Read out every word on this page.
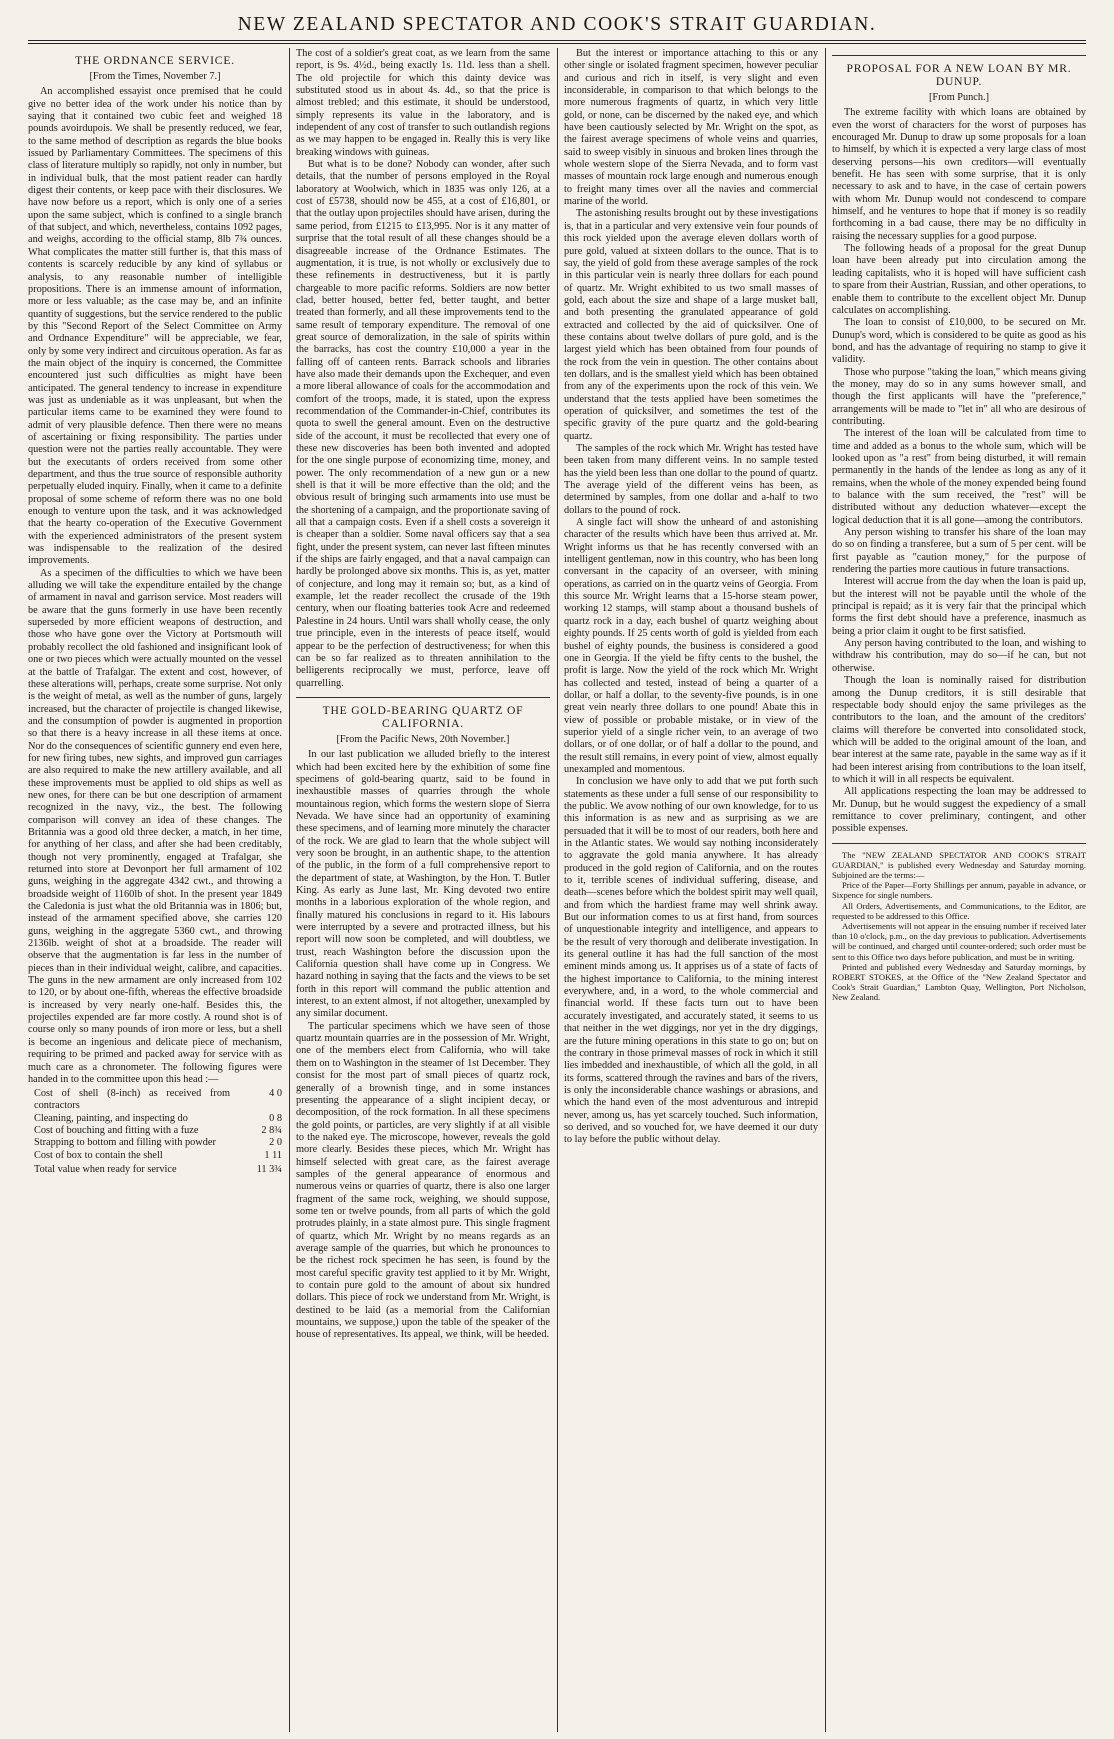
NEW ZEALAND SPECTATOR AND COOK'S STRAIT GUARDIAN.
THE ORDNANCE SERVICE.
[From the Times, November 7.]

An accomplished essayist once premised that he could give no better idea of the work under his notice than by saying that it contained two cubic feet and weighed 18 pounds avoirdupois. We shall be presently reduced, we fear, to the same method of description as regards the blue books issued by Parliamentary Committees. The specimens of this class of literature multiply so rapidly, not only in number, but in individual bulk, that the most patient reader can hardly digest their contents, or keep pace with their disclosures. We have now before us a report, which is only one of a series upon the same subject, which is confined to a single branch of that subject, and which, nevertheless, contains 1092 pages, and weighs, according to the official stamp, 8lb 7¾ ounces. What complicates the matter still further is, that this mass of contents is scarcely reducible by any kind of syllabus or analysis, to any reasonable number of intelligible propositions. There is an immense amount of information, more or less valuable; as the case may be, and an infinite quantity of suggestions, but the service rendered to the public by this "Second Report of the Select Committee on Army and Ordnance Expenditure" will be appreciable, we fear, only by some very indirect and circuitous operation. As far as the main object of the inquiry is concerned, the Committee encountered just such difficulties as might have been anticipated. The general tendency to increase in expenditure was just as undeniable as it was unpleasant, but when the particular items came to be examined they were found to admit of very plausible defence. Then there were no means of ascertaining or fixing responsibility. The parties under question were not the parties really accountable. They were but the executants of orders received from some other department, and thus the true source of responsible authority perpetually eluded inquiry. Finally, when it came to a definite proposal of some scheme of reform there was no one bold enough to venture upon the task, and it was acknowledged that the hearty co-operation of the Executive Government with the experienced administrators of the present system was indispensable to the realization of the desired improvements.

As a specimen of the difficulties to which we have been alluding we will take the expenditure entailed by the change of armament in naval and garrison service. Most readers will be aware that the guns formerly in use have been recently superseded by more efficient weapons of destruction, and those who have gone over the Victory at Portsmouth will probably recollect the old fashioned and insignificant look of one or two pieces which were actually mounted on the vessel at the battle of Trafalgar. The extent and cost, however, of these alterations will, perhaps, create some surprise. Not only is the weight of metal, as well as the number of guns, largely increased, but the character of projectile is changed likewise, and the consumption of powder is augmented in proportion so that there is a heavy increase in all these items at once. Nor do the consequences of scientific gunnery end even here, for new firing tubes, new sights, and improved gun carriages are also required to make the new artillery available, and all these improvements must be applied to old ships as well as new ones, for there can be but one description of armament recognized in the navy, viz., the best. The following comparison will convey an idea of these changes. The Britannia was a good old three decker, a match, in her time, for anything of her class, and after she had been creditably, though not very prominently, engaged at Trafalgar, she returned into store at Devonport her full armament of 102 guns, weighing in the aggregate 4342 cwt., and throwing a broadside weight of 1160lb of shot. In the present year 1849 the Caledonia is just what the old Britannia was in 1806; but, instead of the armament specified above, she carries 120 guns, weighing in the aggregate 5360 cwt., and throwing 2136lb. weight of shot at a broadside. The reader will observe that the augmentation is far less in the number of pieces than in their individual weight, calibre, and capacities. The guns in the new armament are only increased from 102 to 120, or by about one-fifth, whereas the effective broadside is increased by very nearly one-half. Besides this, the projectiles expended are far more costly. A round shot is of course only so many pounds of iron more or less, but a shell is become an ingenious and delicate piece of mechanism, requiring to be primed and packed away for service with as much care as a chronometer. The following figures were handed in to the committee upon this head :—

Cost of shell (8-inch) as received from contractors
4 0
Cleaning, painting, and inspecting do	0 8
Cost of bouching and fitting with a fuze	2 8¾
Strapping to bottom and filling with powder	2 0
Cost of box to contain the shell	1 11
Total value when ready for service	11 3¾

The cost of a soldier's great coat, as we learn from the same report, is 9s. 4½d., being exactly 1s. 11d. less than a shell. The old projectile for which this dainty device was substituted stood us in about 4s. 4d., so that the price is almost trebled; and this estimate, it should be understood, simply represents its value in the laboratory, and is independent of any cost of transfer to such outlandish regions as we may happen to be engaged in. Really this is very like breaking windows with guineas.

But what is to be done? Nobody can wonder, after such details, that the number of persons employed in the Royal laboratory at Woolwich, which in 1835 was only 126, at a cost of £5738, should now be 455, at a cost of £16,801, or that the outlay upon projectiles should have arisen, during the same period, from £1215 to £13,995. Nor is it any matter of surprise that the total result of all these changes should be a disagreeable increase of the Ordnance Estimates. The augmentation, it is true, is not wholly or exclusively due to these refinements in destructiveness, but it is partly chargeable to more pacific reforms. Soldiers are now better clad, better housed, better fed, better taught, and better treated than formerly, and all these improvements tend to the same result of temporary expenditure. The removal of one great source of demoralization, in the sale of spirits within the barracks, has cost the country £10,000 a year in the falling off of canteen rents. Barrack schools and libraries have also made their demands upon the Exchequer, and even a more liberal allowance of coals for the accommodation and comfort of the troops, made, it is stated, upon the express recommendation of the Commander-in-Chief, contributes its quota to swell the general amount. Even on the destructive side of the account, it must be recollected that every one of these new discoveries has been both invented and adopted for the one single purpose of economizing time, money, and power. The only recommendation of a new gun or a new shell is that it will be more effective than the old; and the obvious result of bringing such armaments into use must be the shortening of a campaign, and the proportionate saving of all that a campaign costs. Even if a shell costs a sovereign it is cheaper than a soldier. Some naval officers say that a sea fight, under the present system, can never last fifteen minutes if the ships are fairly engaged, and that a naval campaign can hardly be prolonged above six months. This is, as yet, matter of conjecture, and long may it remain so; but, as a kind of example, let the reader recollect the crusade of the 19th century, when our floating batteries took Acre and redeemed Palestine in 24 hours. Until wars shall wholly cease, the only true principle, even in the interests of peace itself, would appear to be the perfection of destructiveness; for when this can be so far realized as to threaten annihilation to the belligerents reciprocally we must, perforce, leave off quarrelling.

THE GOLD-BEARING QUARTZ OF CALIFORNIA.
[From the Pacific News, 20th November.]

In our last publication we alluded briefly to the interest which had been excited here by the exhibition of some fine specimens of gold-bearing quartz, said to be found in inexhaustible masses of quarries through the whole mountainous region, which forms the western slope of Sierra Nevada. We have since had an opportunity of examining these specimens, and of learning more minutely the character of the rock. We are glad to learn that the whole subject will very soon be brought, in an authentic shape, to the attention of the public, in the form of a full comprehensive report to the department of state, at Washington, by the Hon. T. Butler King. As early as June last, Mr. King devoted two entire months in a laborious exploration of the whole region, and finally matured his conclusions in regard to it. His labours were interrupted by a severe and protracted illness, but his report will now soon be completed, and will doubtless, we trust, reach Washington before the discussion upon the California question shall have come up in Congress. We hazard nothing in saying that the facts and the views to be set forth in this report will command the public attention and interest, to an extent almost, if not altogether, unexampled by any similar document.

The particular specimens which we have seen of those quartz mountain quarries are in the possession of Mr. Wright, one of the members elect from California, who will take them on to Washington in the steamer of 1st December. They consist for the most part of small pieces of quartz rock, generally of a brownish tinge, and in some instances presenting the appearance of a slight incipient decay, or decomposition, of the rock formation. In all these specimens the gold points, or particles, are very slightly if at all visible to the naked eye. The microscope, however, reveals the gold more clearly. Besides these pieces, which Mr. Wright has himself selected with great care, as the fairest average samples of the general appearance of enormous and numerous veins or quarries of quartz, there is also one larger fragment of the same rock, weighing, we should suppose, some ten or twelve pounds, from all parts of which the gold protrudes plainly, in a state almost pure. This single fragment of quartz, which Mr. Wright by no means regards as an average sample of the quarries, but which he pronounces to be the richest rock specimen he has seen, is found by the most careful specific gravity test applied to it by Mr. Wright, to contain pure gold to the amount of about six hundred dollars. This piece of rock we understand from Mr. Wright, is destined to be laid (as a memorial from the Californian mountains, we suppose,) upon the table of the speaker of the house of representatives. Its appeal, we think, will be heeded.

But the interest or importance attaching to this or any other single or isolated fragment specimen, however peculiar and curious and rich in itself, is very slight and even inconsiderable, in comparison to that which belongs to the more numerous fragments of quartz, in which very little gold, or none, can be discerned by the naked eye, and which have been cautiously selected by Mr. Wright on the spot, as the fairest average specimens of whole veins and quarries, said to sweep visibly in sinuous and broken lines through the whole western slope of the Sierra Nevada, and to form vast masses of mountain rock large enough and numerous enough to freight many times over all the navies and commercial marine of the world.

The astonishing results brought out by these investigations is, that in a particular and very extensive vein four pounds of this rock yielded upon the average eleven dollars worth of pure gold, valued at sixteen dollars to the ounce. That is to say, the yield of gold from these average samples of the rock in this particular vein is nearly three dollars for each pound of quartz. Mr. Wright exhibited to us two small masses of gold, each about the size and shape of a large musket ball, and both presenting the granulated appearance of gold extracted and collected by the aid of quicksilver. One of these contains about twelve dollars of pure gold, and is the largest yield which has been obtained from four pounds of the rock from the vein in question. The other contains about ten dollars, and is the smallest yield which has been obtained from any of the experiments upon the rock of this vein. We understand that the tests applied have been sometimes the operation of quicksilver, and sometimes the test of the specific gravity of the pure quartz and the gold-bearing quartz.

The samples of the rock which Mr. Wright has tested have been taken from many different veins. In no sample tested has the yield been less than one dollar to the pound of quartz. The average yield of the different veins has been, as determined by samples, from one dollar and a-half to two dollars to the pound of rock.

A single fact will show the unheard of and astonishing character of the results which have been thus arrived at. Mr. Wright informs us that he has recently conversed with an intelligent gentleman, now in this country, who has been long conversant in the capacity of an overseer, with mining operations, as carried on in the quartz veins of Georgia. From this source Mr. Wright learns that a 15-horse steam power, working 12 stamps, will stamp about a thousand bushels of quartz rock in a day, each bushel of quartz weighing about eighty pounds. If 25 cents worth of gold is yielded from each bushel of eighty pounds, the business is considered a good one in Georgia. If the yield be fifty cents to the bushel, the profit is large. Now the yield of the rock which Mr. Wright has collected and tested, instead of being a quarter of a dollar, or half a dollar, to the seventy-five pounds, is in one great vein nearly three dollars to one pound! Abate this in view of possible or probable mistake, or in view of the superior yield of a single richer vein, to an average of two dollars, or of one dollar, or of half a dollar to the pound, and the result still remains, in every point of view, almost equally unexampled and momentous.

In conclusion we have only to add that we put forth such statements as these under a full sense of our responsibility to the public. We avow nothing of our own knowledge, for to us this information is as new and as surprising as we are persuaded that it will be to most of our readers, both here and in the Atlantic states. We would say nothing inconsiderately to aggravate the gold mania anywhere. It has already produced in the gold region of California, and on the routes to it, terrible scenes of individual suffering, disease, and death—scenes before which the boldest spirit may well quail, and from which the hardiest frame may well shrink away. But our information comes to us at first hand, from sources of unquestionable integrity and intelligence, and appears to be the result of very thorough and deliberate investigation. In its general outline it has had the full sanction of the most eminent minds among us. It apprises us of a state of facts of the highest importance to California, to the mining interest everywhere, and, in a word, to the whole commercial and financial world. If these facts turn out to have been accurately investigated, and accurately stated, it seems to us that neither in the wet diggings, nor yet in the dry diggings, are the future mining operations in this state to go on; but on the contrary in those primeval masses of rock in which it still lies imbedded and inexhaustible, of which all the gold, in all its forms, scattered through the ravines and bars of the rivers, is only the inconsiderable chance washings or abrasions, and which the hand even of the most adventurous and intrepid never, among us, has yet scarcely touched. Such information, so derived, and so vouched for, we have deemed it our duty to lay before the public without delay.

PROPOSAL FOR A NEW LOAN BY MR. DUNUP.
[From Punch.]

The extreme facility with which loans are obtained by even the worst of characters for the worst of purposes has encouraged Mr. Dunup to draw up some proposals for a loan to himself, by which it is expected a very large class of most deserving persons—his own creditors—will eventually benefit. He has seen with some surprise, that it is only necessary to ask and to have, in the case of certain powers with whom Mr. Dunup would not condescend to compare himself, and he ventures to hope that if money is so readily forthcoming in a bad cause, there may be no difficulty in raising the necessary supplies for a good purpose.

The following heads of a proposal for the great Dunup loan have been already put into circulation among the leading capitalists, who it is hoped will have sufficient cash to spare from their Austrian, Russian, and other operations, to enable them to contribute to the excellent object Mr. Dunup calculates on accomplishing.

The loan to consist of £10,000, to be secured on Mr. Dunup's word, which is considered to be quite as good as his bond, and has the advantage of requiring no stamp to give it validity.

Those who purpose "taking the loan," which means giving the money, may do so in any sums however small, and though the first applicants will have the "preference," arrangements will be made to "let in" all who are desirous of contributing.

The interest of the loan will be calculated from time to time and added as a bonus to the whole sum, which will be looked upon as "a rest" from being disturbed, it will remain permanently in the hands of the lendee as long as any of it remains, when the whole of the money expended being found to balance with the sum received, the "rest" will be distributed without any deduction whatever—except the logical deduction that it is all gone—among the contributors.

Any person wishing to transfer his share of the loan may do so on finding a transferee, but a sum of 5 per cent. will be first payable as "caution money," for the purpose of rendering the parties more cautious in future transactions.

Interest will accrue from the day when the loan is paid up, but the interest will not be payable until the whole of the principal is repaid; as it is very fair that the principal which forms the first debt should have a preference, inasmuch as being a prior claim it ought to be first satisfied.

Any person having contributed to the loan, and wishing to withdraw his contribution, may do so—if he can, but not otherwise.

Though the loan is nominally raised for distribution among the Dunup creditors, it is still desirable that respectable body should enjoy the same privileges as the contributors to the loan, and the amount of the creditors' claims will therefore be converted into consolidated stock, which will be added to the original amount of the loan, and bear interest at the same rate, payable in the same way as if it had been interest arising from contributions to the loan itself, to which it will in all respects be equivalent.

All applications respecting the loan may be addressed to Mr. Dunup, but he would suggest the expediency of a small remittance to cover preliminary, contingent, and other possible expenses.

The "NEW ZEALAND SPECTATOR AND COOK'S STRAIT GUARDIAN," is published every Wednesday and Saturday morning. Subjoined are the terms:—

Price of the Paper—Forty Shillings per annum, payable in advance, or Sixpence for single numbers.

All Orders, Advertisements, and Communications, to the Editor, are requested to be addressed to this Office.

Advertisements will not appear in the ensuing number if received later than 10 o'clock, p.m., on the day previous to publication. Advertisements will be continued, and charged until counter-ordered; such order must be sent to this Office two days before publication, and must be in writing.

Printed and published every Wednesday and Saturday mornings, by ROBERT STOKES, at the Office of the "New Zealand Spectator and Cook's Strait Guardian," Lambton Quay, Wellington, Port Nicholson, New Zealand.
